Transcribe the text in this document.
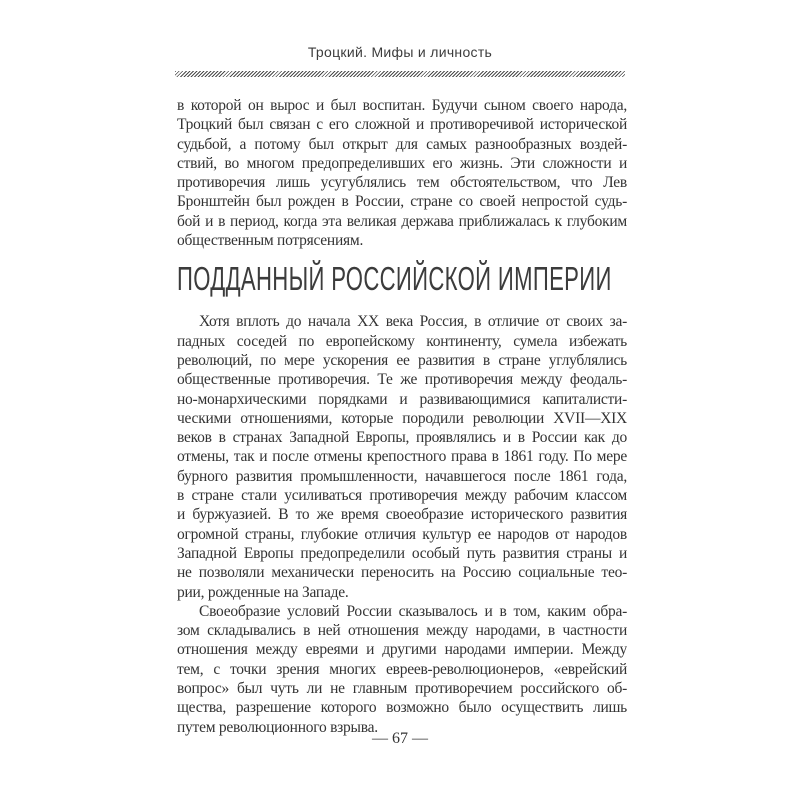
Троцкий. Мифы и личность

в которой он вырос и был воспитан. Будучи сыном своего народа,
Троцкий был связан с его сложной и противоречивой исторической
судьбой, а потому был открыт для самых разнообразных воздей-
ствий, во многом предопределивших его жизнь. Эти сложности и
противоречия лишь усугублялись тем обстоятельством, что Лев
Бронштейн был рожден в России, стране со своей непростой судь-
бой и в период, когда эта великая держава приближалась к глубоким
общественным потрясениям.

ПОДДАННЫЙ РОССИЙСКОЙ ИМПЕРИИ

Хотя вплоть до начала XX века Россия, в отличие от своих за-
падных соседей по европейскому континенту, сумела избежать
революций, по мере ускорения ее развития в стране углублялись
общественные противоречия. Те же противоречия между феодаль-
но-монархическими порядками и развивающимися капиталисти-
ческими отношениями, которые породили революции XVII—XIX
веков в странах Западной Европы, проявлялись и в России как до
отмены, так и после отмены крепостного права в 1861 году. По мере
бурного развития промышленности, начавшегося после 1861 года,
в стране стали усиливаться противоречия между рабочим классом
и буржуазией. В то же время своеобразие исторического развития
огромной страны, глубокие отличия культур ее народов от народов
Западной Европы предопределили особый путь развития страны и
не позволяли механически переносить на Россию социальные тео-
рии, рожденные на Западе.

Своеобразие условий России сказывалось и в том, каким обра-
зом складывались в ней отношения между народами, в частности
отношения между евреями и другими народами империи. Между
тем, с точки зрения многих евреев-революционеров, «еврейский
вопрос» был чуть ли не главным противоречием российского об-
щества, разрешение которого возможно было осуществить лишь
путем революционного взрыва.

— 67 —
